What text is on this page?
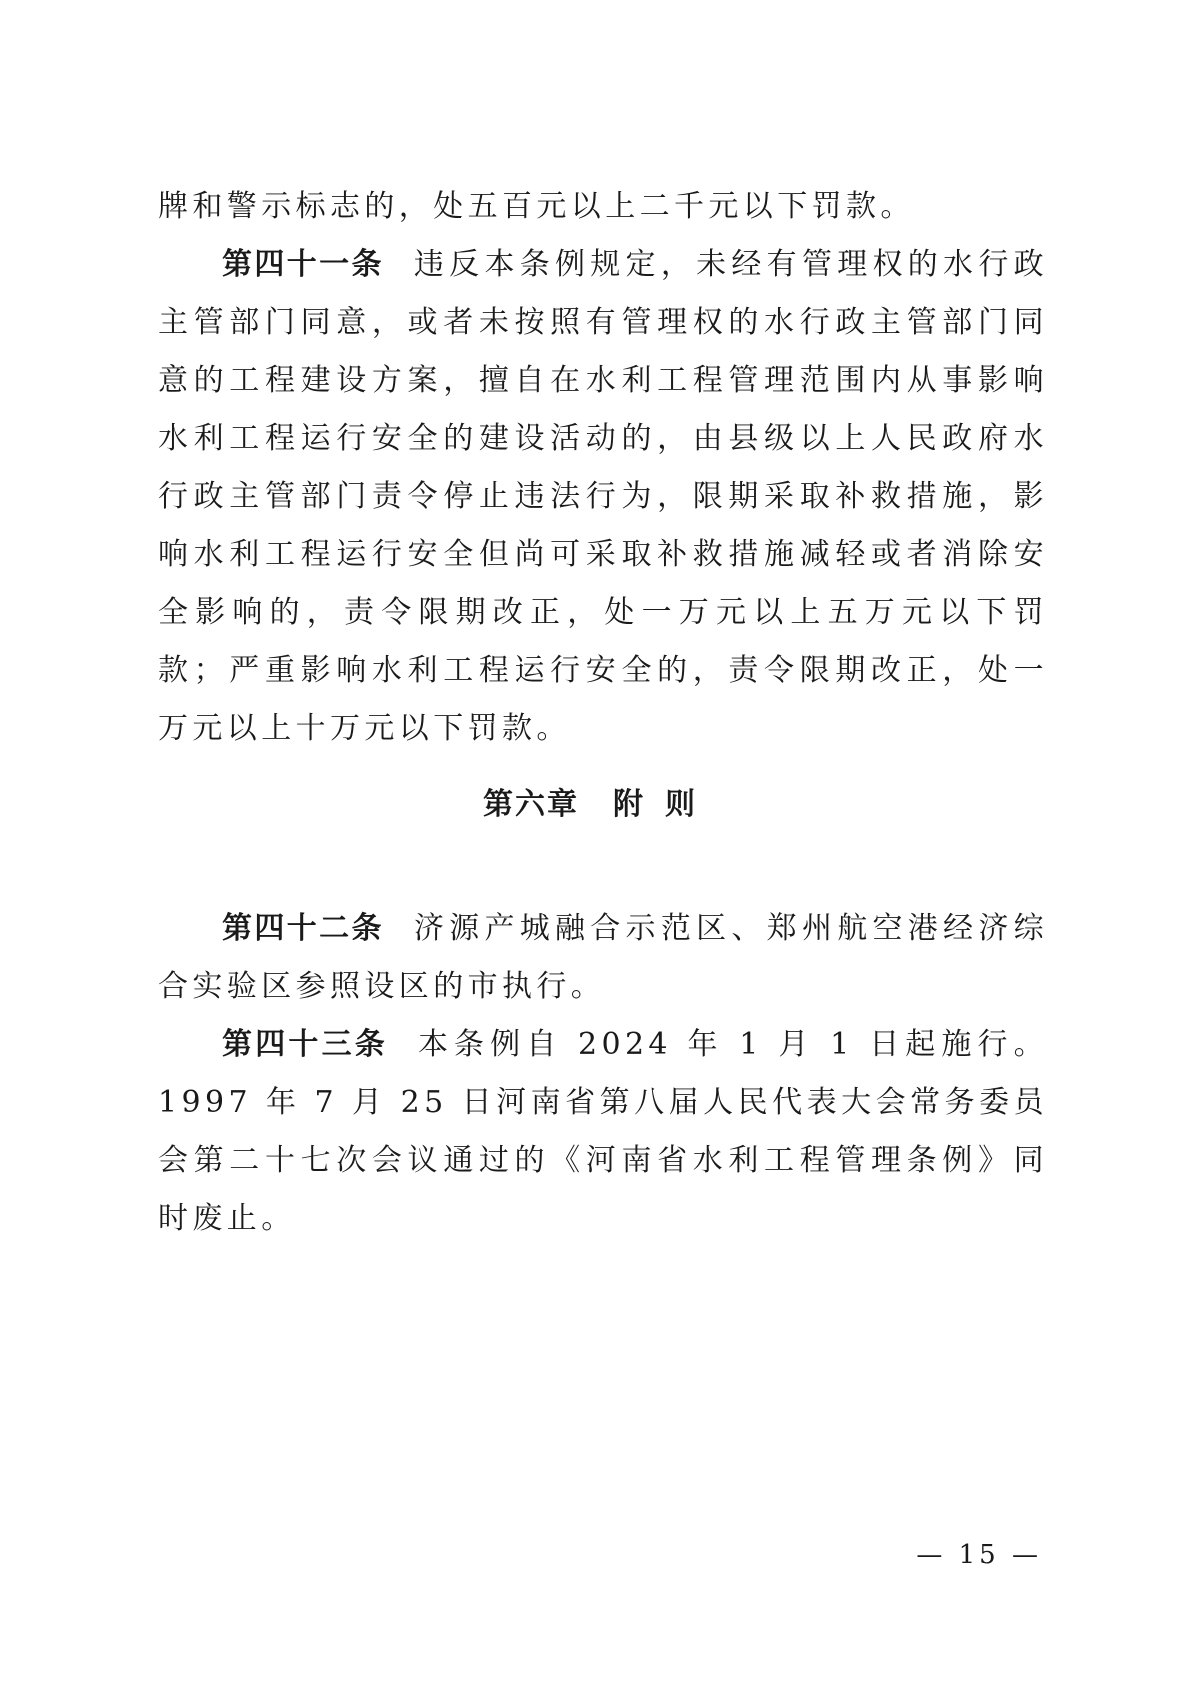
牌和警示标志的，处五百元以上二千元以下罚款。

第四十一条 违反本条例规定，未经有管理权的水行政主管部门同意，或者未按照有管理权的水行政主管部门同意的工程建设方案，擅自在水利工程管理范围内从事影响水利工程运行安全的建设活动的，由县级以上人民政府水行政主管部门责令停止违法行为，限期采取补救措施，影响水利工程运行安全但尚可采取补救措施减轻或者消除安全影响的，责令限期改正，处一万元以上五万元以下罚款；严重影响水利工程运行安全的，责令限期改正，处一万元以上十万元以下罚款。

第六章 附则

第四十二条 济源产城融合示范区、郑州航空港经济综合实验区参照设区的市执行。

第四十三条 本条例自 2024 年 1 月 1 日起施行。1997 年 7 月 25 日河南省第八届人民代表大会常务委员会第二十七次会议通过的《河南省水利工程管理条例》同时废止。

— 15 —
